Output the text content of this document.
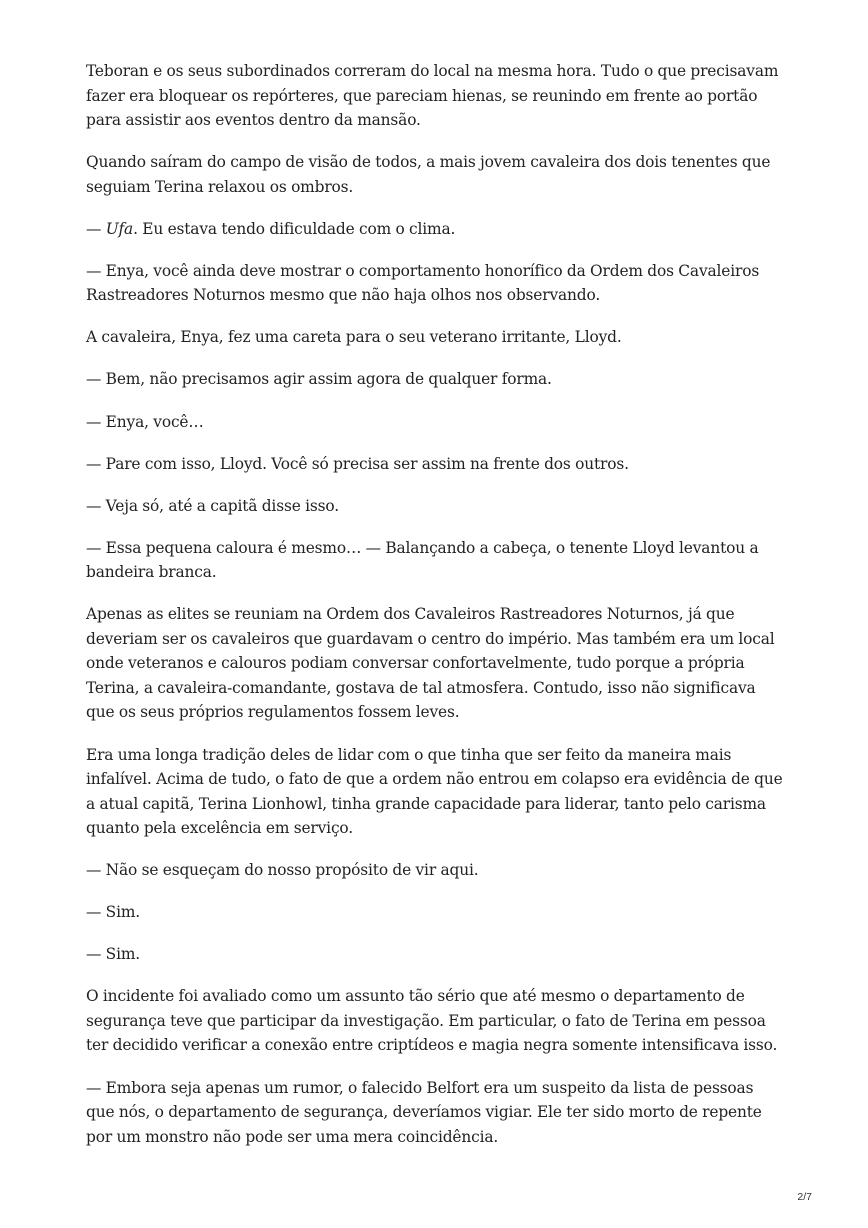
Teboran e os seus subordinados correram do local na mesma hora. Tudo o que precisavam fazer era bloquear os repórteres, que pareciam hienas, se reunindo em frente ao portão para assistir aos eventos dentro da mansão.

Quando saíram do campo de visão de todos, a mais jovem cavaleira dos dois tenentes que seguiam Terina relaxou os ombros.

— Ufa. Eu estava tendo dificuldade com o clima.

— Enya, você ainda deve mostrar o comportamento honorífico da Ordem dos Cavaleiros Rastreadores Noturnos mesmo que não haja olhos nos observando.

A cavaleira, Enya, fez uma careta para o seu veterano irritante, Lloyd.

— Bem, não precisamos agir assim agora de qualquer forma.

— Enya, você…

— Pare com isso, Lloyd. Você só precisa ser assim na frente dos outros.

— Veja só, até a capitã disse isso.

— Essa pequena caloura é mesmo… — Balançando a cabeça, o tenente Lloyd levantou a bandeira branca.

Apenas as elites se reuniam na Ordem dos Cavaleiros Rastreadores Noturnos, já que deveriam ser os cavaleiros que guardavam o centro do império. Mas também era um local onde veteranos e calouros podiam conversar confortavelmente, tudo porque a própria Terina, a cavaleira-comandante, gostava de tal atmosfera. Contudo, isso não significava que os seus próprios regulamentos fossem leves.

Era uma longa tradição deles de lidar com o que tinha que ser feito da maneira mais infalível. Acima de tudo, o fato de que a ordem não entrou em colapso era evidência de que a atual capitã, Terina Lionhowl, tinha grande capacidade para liderar, tanto pelo carisma quanto pela excelência em serviço.

— Não se esqueçam do nosso propósito de vir aqui.

— Sim.

— Sim.

O incidente foi avaliado como um assunto tão sério que até mesmo o departamento de segurança teve que participar da investigação. Em particular, o fato de Terina em pessoa ter decidido verificar a conexão entre criptídeos e magia negra somente intensificava isso.

— Embora seja apenas um rumor, o falecido Belfort era um suspeito da lista de pessoas que nós, o departamento de segurança, deveríamos vigiar. Ele ter sido morto de repente por um monstro não pode ser uma mera coincidência.

2/7
